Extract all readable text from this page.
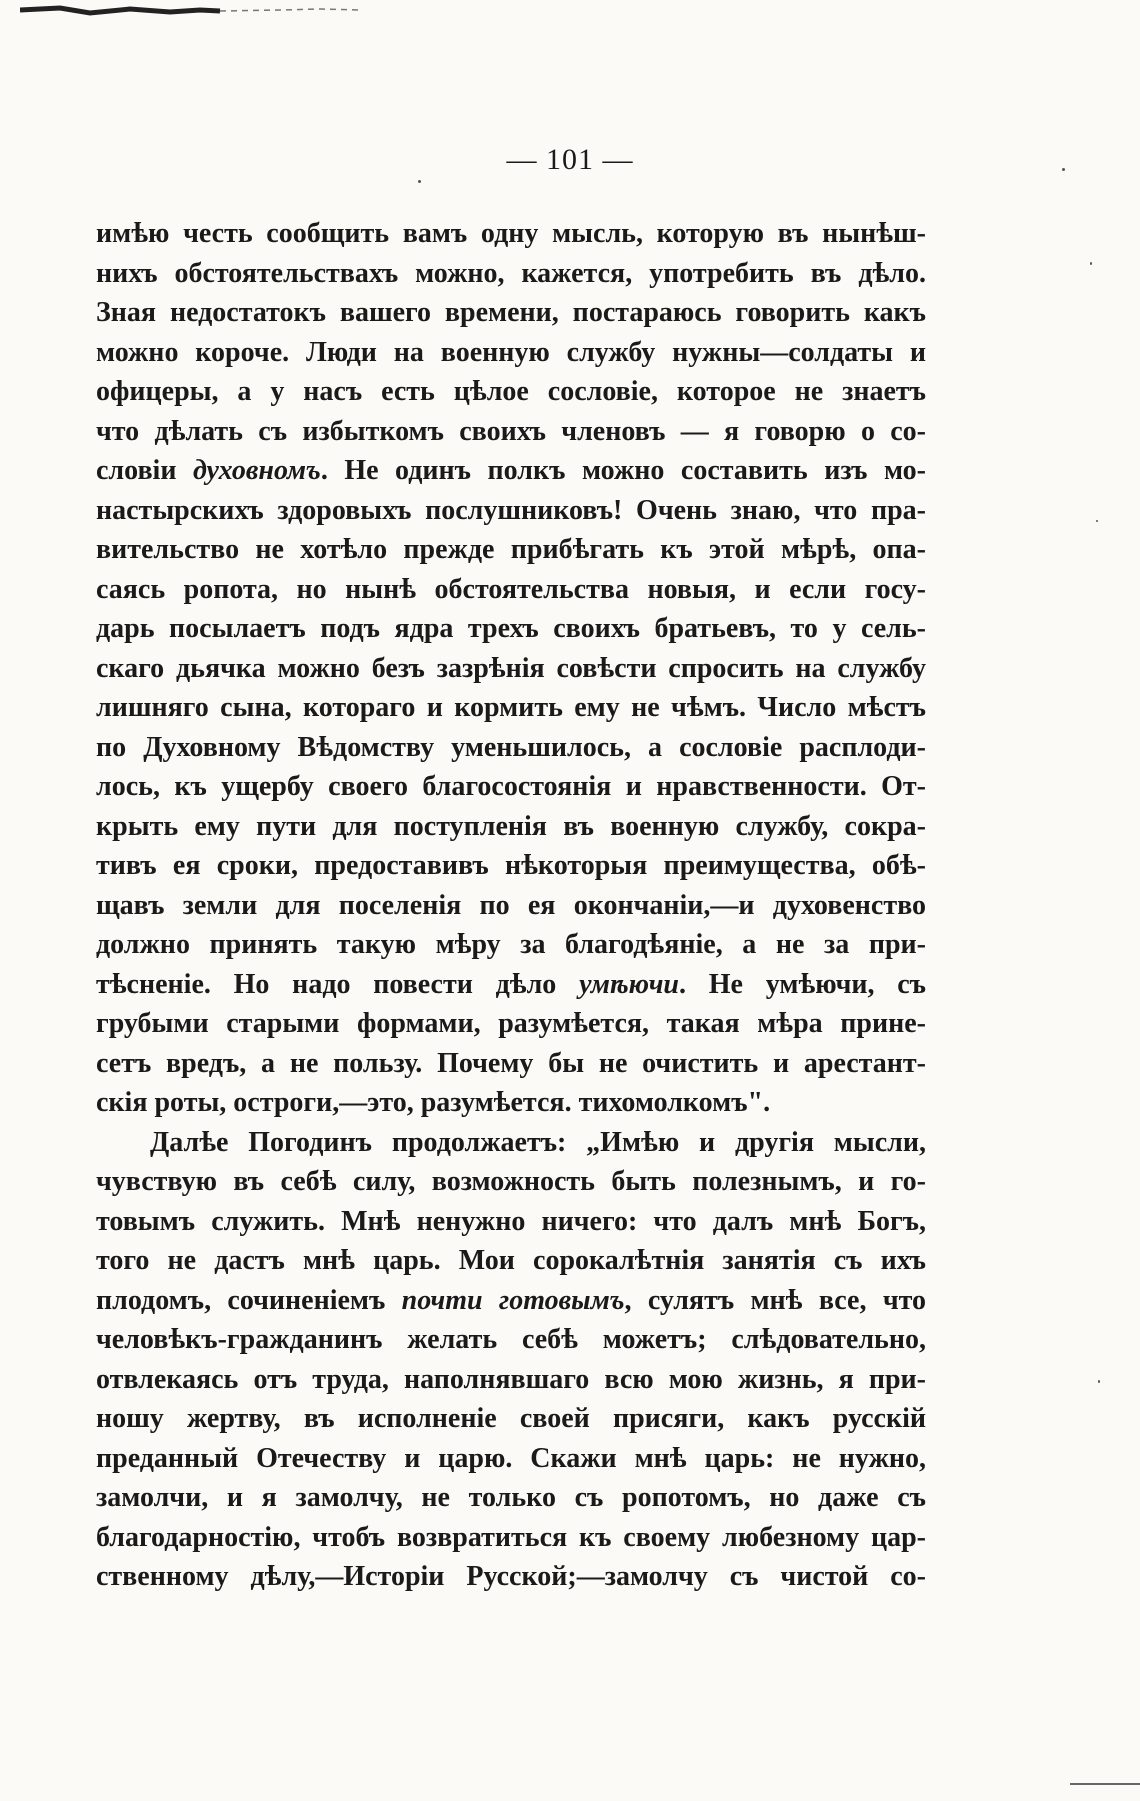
— 101 —
имѣю честь сообщить вамъ одну мысль, которую въ нынѣш-
нихъ обстоятельствахъ можно, кажется, употребить въ дѣло.
Зная недостатокъ вашего времени, постараюсь говорить какъ
можно короче. Люди на военную службу нужны—солдаты и
офицеры, а у насъ есть цѣлое сословіе, которое не знаетъ
что дѣлать съ избыткомъ своихъ членовъ — я говорю о со-
словіи духовномъ. Не одинъ полкъ можно составить изъ мо-
настырскихъ здоровыхъ послушниковъ! Очень знаю, что пра-
вительство не хотѣло прежде прибѣгать къ этой мѣрѣ, опа-
саясь ропота, но нынѣ обстоятельства новыя, и если госу-
дарь посылаетъ подъ ядра трехъ своихъ братьевъ, то у сель-
скаго дьячка можно безъ зазрѣнія совѣсти спросить на службу
лишняго сына, котораго и кормить ему не чѣмъ. Число мѣстъ
по Духовному Вѣдомству уменьшилось, а сословіе расплоди-
лось, къ ущербу своего благосостоянія и нравственности. От-
крыть ему пути для поступленія въ военную службу, сокра-
тивъ ея сроки, предоставивъ нѣкоторыя преимущества, обѣ-
щавъ земли для поселенія по ея окончаніи,—и духовенство
должно принять такую мѣру за благодѣяніе, а не за при-
тѣсненіе. Но надо повести дѣло умѣючи. Не умѣючи, съ
грубыми старыми формами, разумѣется, такая мѣра прине-
сетъ вредъ, а не пользу. Почему бы не очистить и арестант-
скія роты, остроги,—это, разумѣется. тихомолкомъ".
Далѣе Погодинъ продолжаетъ: „Имѣю и другія мысли,
чувствую въ себѣ силу, возможность быть полезнымъ, и го-
товымъ служить. Мнѣ ненужно ничего: что далъ мнѣ Богъ,
того не дастъ мнѣ царь. Мои сорокалѣтнія занятія съ ихъ
плодомъ, сочиненіемъ почти готовымъ, сулятъ мнѣ все, что
человѣкъ-гражданинъ желать себѣ можетъ; слѣдовательно,
отвлекаясь отъ труда, наполнявшаго всю мою жизнь, я при-
ношу жертву, въ исполненіе своей присяги, какъ русскій
преданный Отечеству и царю. Скажи мнѣ царь: не нужно,
замолчи, и я замолчу, не только съ ропотомъ, но даже съ
благодарностію, чтобъ возвратиться къ своему любезному цар-
ственному дѣлу,—Исторіи Русской;—замолчу съ чистой со-
